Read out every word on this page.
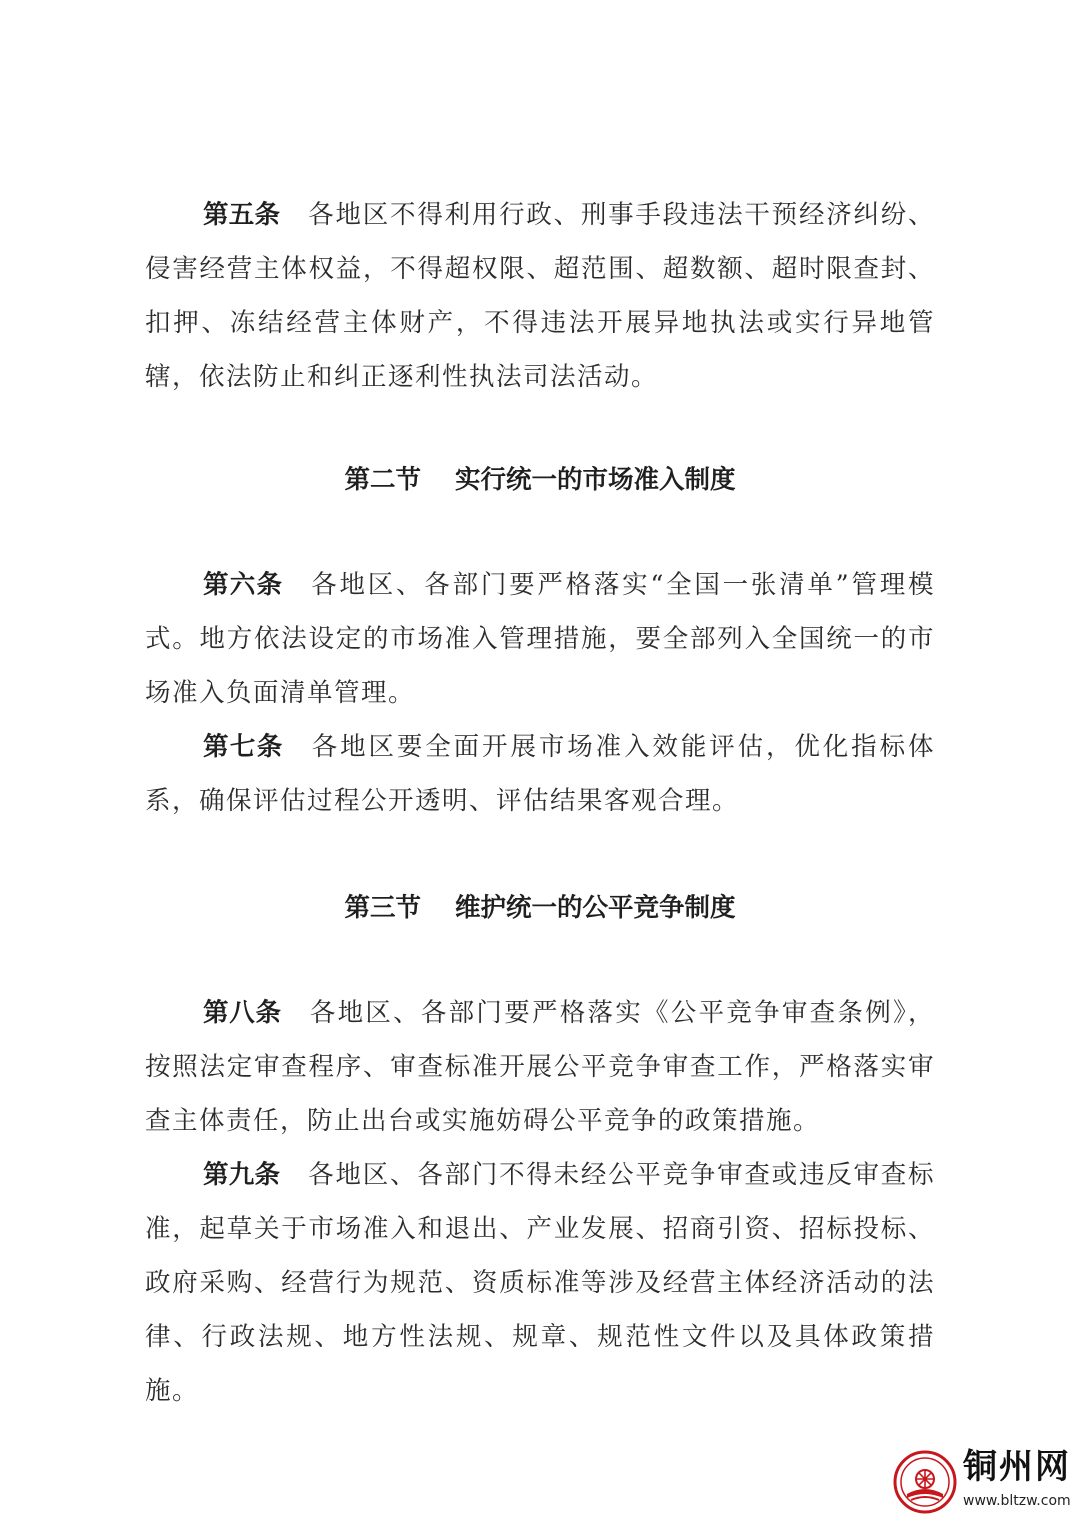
第五条 各地区不得利用行政、刑事手段违法干预经济纠纷、侵害经营主体权益，不得超权限、超范围、超数额、超时限查封、扣押、冻结经营主体财产，不得违法开展异地执法或实行异地管辖，依法防止和纠正逐利性执法司法活动。

第二节 实行统一的市场准入制度

第六条 各地区、各部门要严格落实“全国一张清单”管理模式。地方依法设定的市场准入管理措施，要全部列入全国统一的市场准入负面清单管理。

第七条 各地区要全面开展市场准入效能评估，优化指标体系，确保评估过程公开透明、评估结果客观合理。

第三节 维护统一的公平竞争制度

第八条 各地区、各部门要严格落实《公平竞争审查条例》，按照法定审查程序、审查标准开展公平竞争审查工作，严格落实审查主体责任，防止出台或实施妨碍公平竞争的政策措施。

第九条 各地区、各部门不得未经公平竞争审查或违反审查标准，起草关于市场准入和退出、产业发展、招商引资、招标投标、政府采购、经营行为规范、资质标准等涉及经营主体经济活动的法律、行政法规、地方性法规、规章、规范性文件以及具体政策措施。

铜州网
www.bltzw.com
